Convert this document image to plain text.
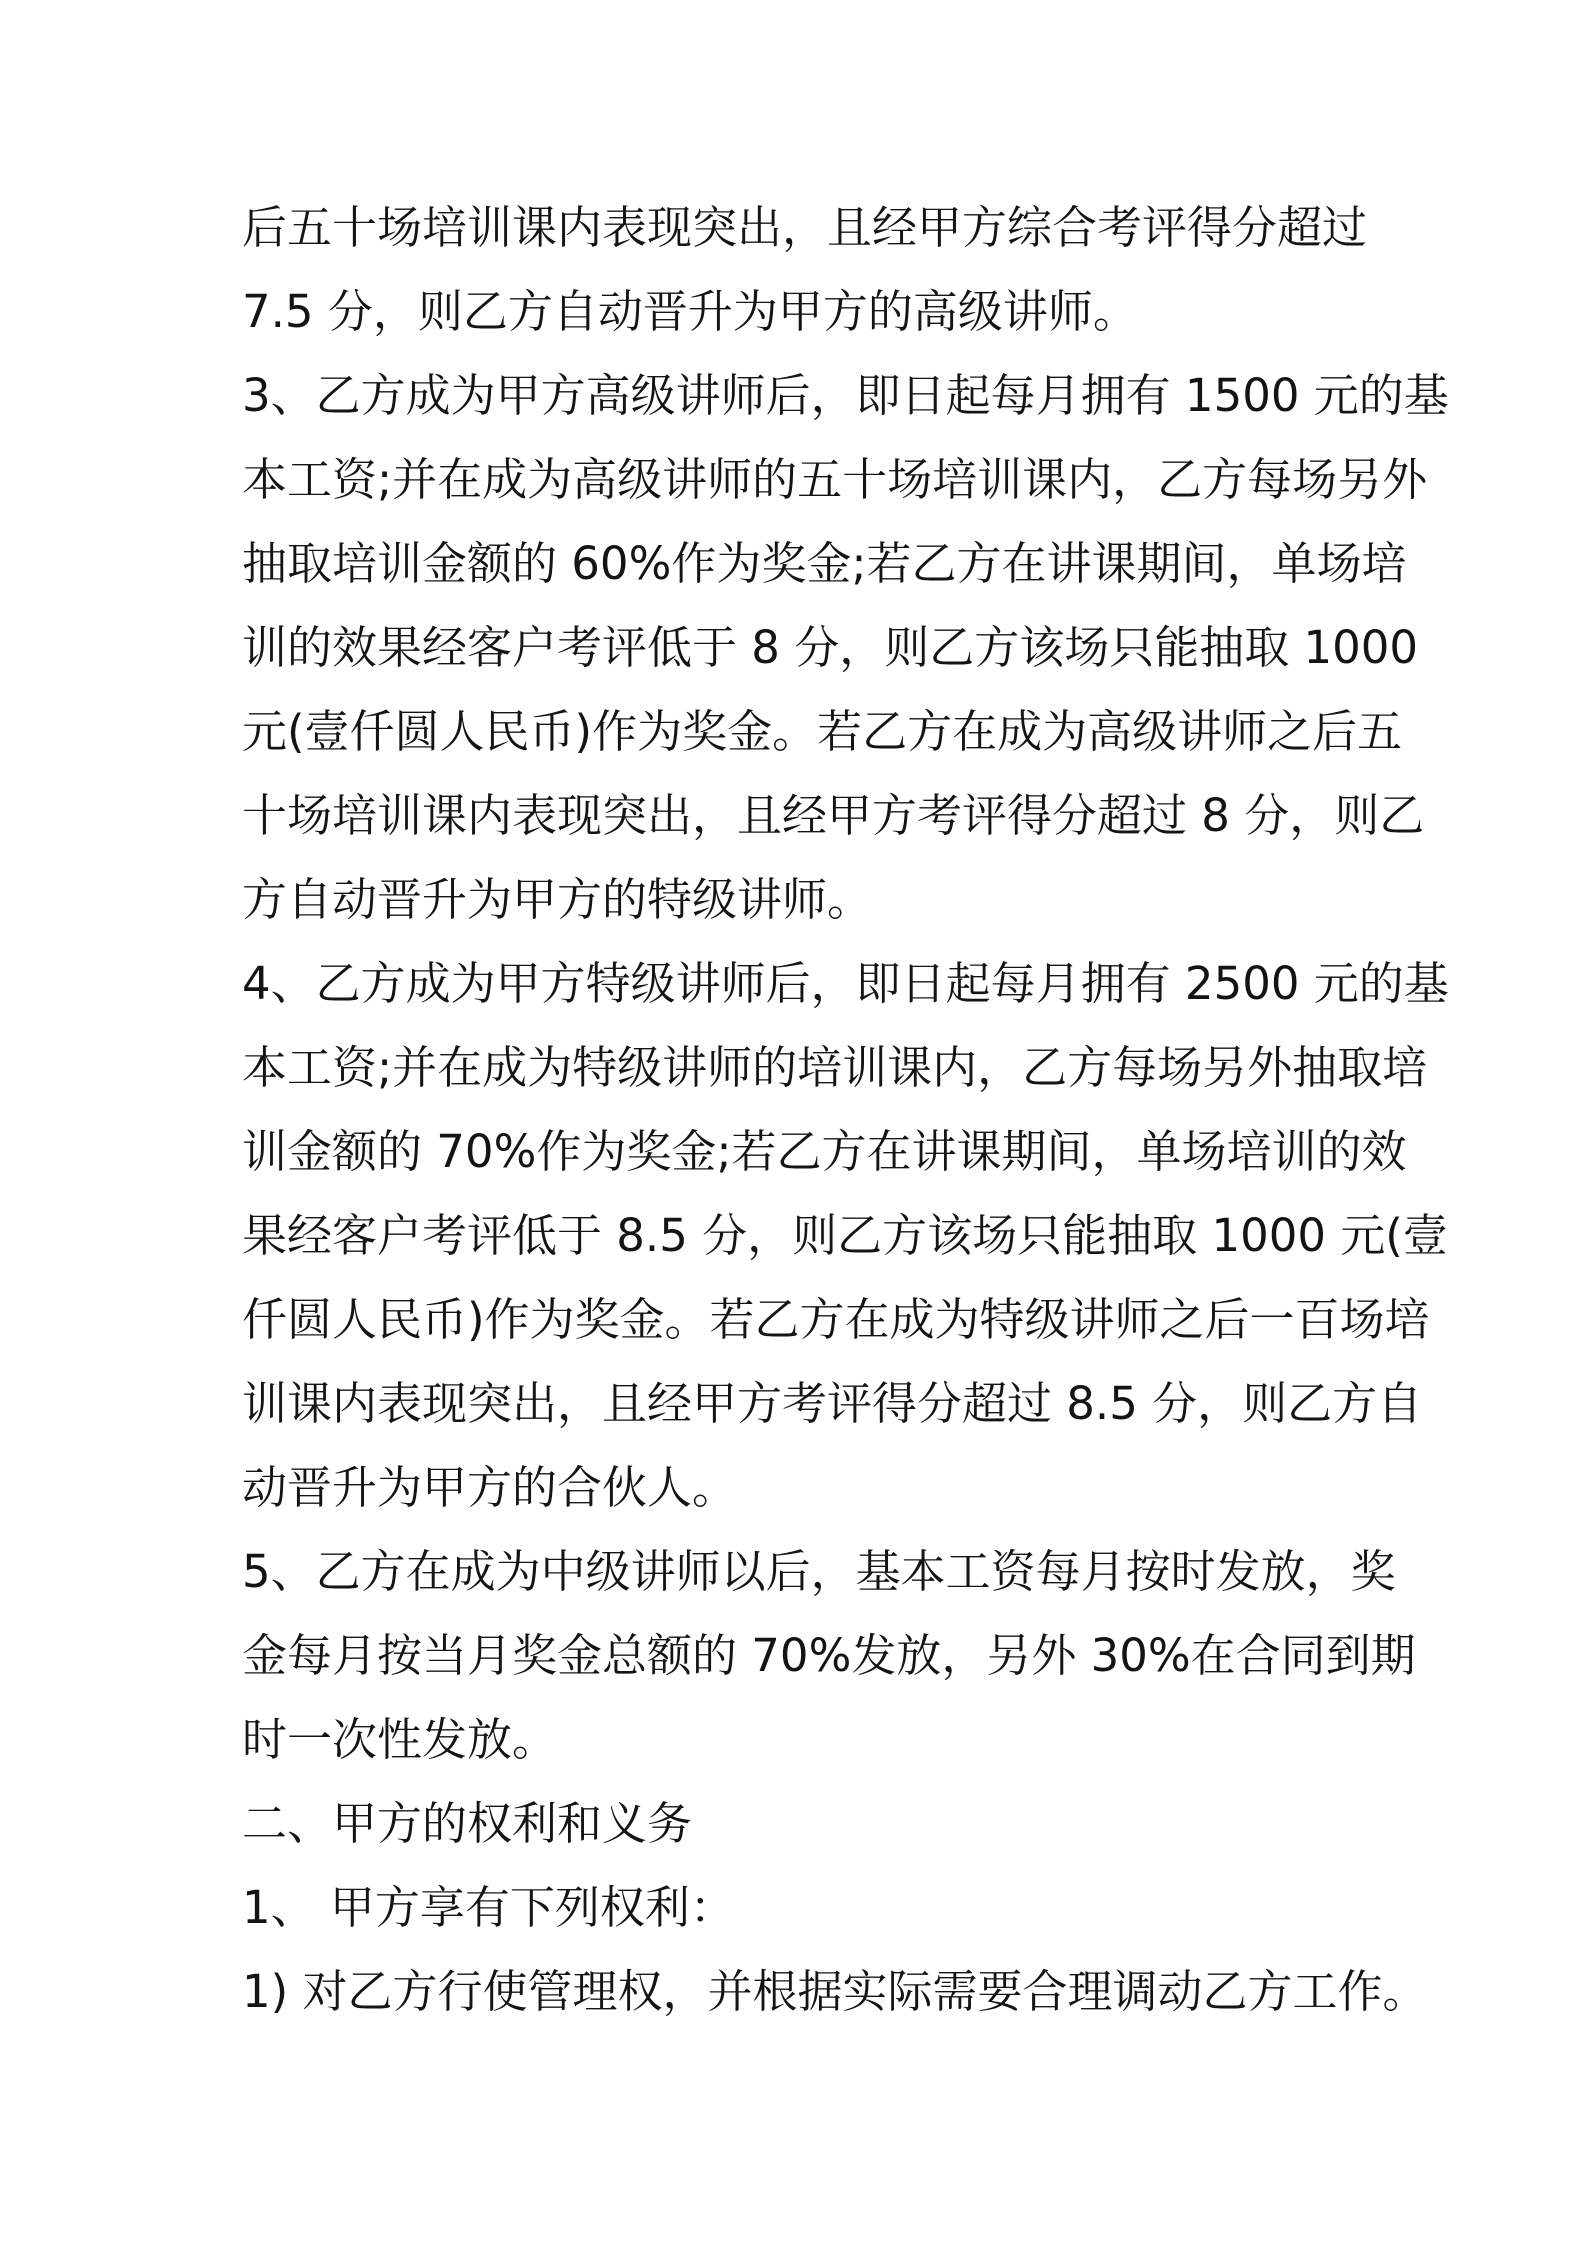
后五十场培训课内表现突出，且经甲方综合考评得分超过
7.5 分，则乙方自动晋升为甲方的高级讲师。
3、乙方成为甲方高级讲师后，即日起每月拥有 1500 元的基
本工资;并在成为高级讲师的五十场培训课内，乙方每场另外
抽取培训金额的 60%作为奖金;若乙方在讲课期间，单场培
训的效果经客户考评低于 8 分，则乙方该场只能抽取 1000
元(壹仟圆人民币)作为奖金。若乙方在成为高级讲师之后五
十场培训课内表现突出，且经甲方考评得分超过 8 分，则乙
方自动晋升为甲方的特级讲师。
4、乙方成为甲方特级讲师后，即日起每月拥有 2500 元的基
本工资;并在成为特级讲师的培训课内，乙方每场另外抽取培
训金额的 70%作为奖金;若乙方在讲课期间，单场培训的效
果经客户考评低于 8.5 分，则乙方该场只能抽取 1000 元(壹
仟圆人民币)作为奖金。若乙方在成为特级讲师之后一百场培
训课内表现突出，且经甲方考评得分超过 8.5 分，则乙方自
动晋升为甲方的合伙人。
5、乙方在成为中级讲师以后，基本工资每月按时发放，奖
金每月按当月奖金总额的 70%发放，另外 30%在合同到期
时一次性发放。
二、甲方的权利和义务
1、 甲方享有下列权利：
1) 对乙方行使管理权，并根据实际需要合理调动乙方工作。
